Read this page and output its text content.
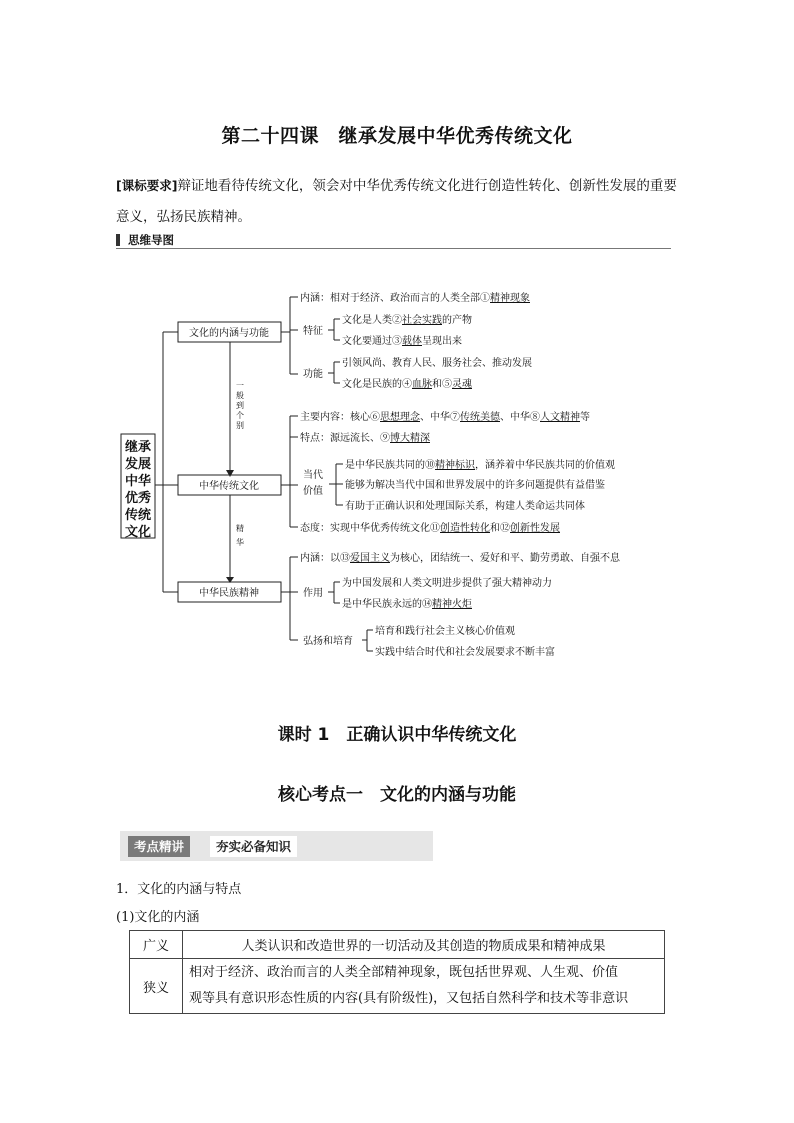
第二十四课　继承发展中华优秀传统文化
[课标要求]辩证地看待传统文化，领会对中华优秀传统文化进行创造性转化、创新性发展的重要意义，弘扬民族精神。
思维导图
继承
发展
中华
优秀
传统
文化
一
般
到
个
别
精
华
文化的内涵与功能
中华传统文化
中华民族精神
内涵：相对于经济、政治而言的人类全部①精神现象
特征
文化是人类②社会实践的产物
文化要通过③载体呈现出来
功能
引领风尚、教育人民、服务社会、推动发展
文化是民族的④血脉和⑤灵魂
主要内容：核心⑥思想理念、中华⑦传统美德、中华⑧人文精神等
特点：源远流长、⑨博大精深
当代
价值
是中华民族共同的⑩精神标识，涵养着中华民族共同的价值观
能够为解决当代中国和世界发展中的许多问题提供有益借鉴
有助于正确认识和处理国际关系，构建人类命运共同体
态度：实现中华优秀传统文化⑪创造性转化和⑫创新性发展
内涵：以⑬爱国主义为核心，团结统一、爱好和平、勤劳勇敢、自强不息
作用
为中国发展和人类文明进步提供了强大精神动力
是中华民族永远的⑭精神火炬
弘扬和培育
培育和践行社会主义核心价值观
实践中结合时代和社会发展要求不断丰富
课时 1　正确认识中华传统文化
核心考点一　文化的内涵与功能
考点精讲	夯实必备知识
1．文化的内涵与特点
(1)文化的内涵
广义	人类认识和改造世界的一切活动及其创造的物质成果和精神成果
狭义	相对于经济、政治而言的人类全部精神现象，既包括世界观、人生观、价值
观等具有意识形态性质的内容(具有阶级性)，又包括自然科学和技术等非意识
